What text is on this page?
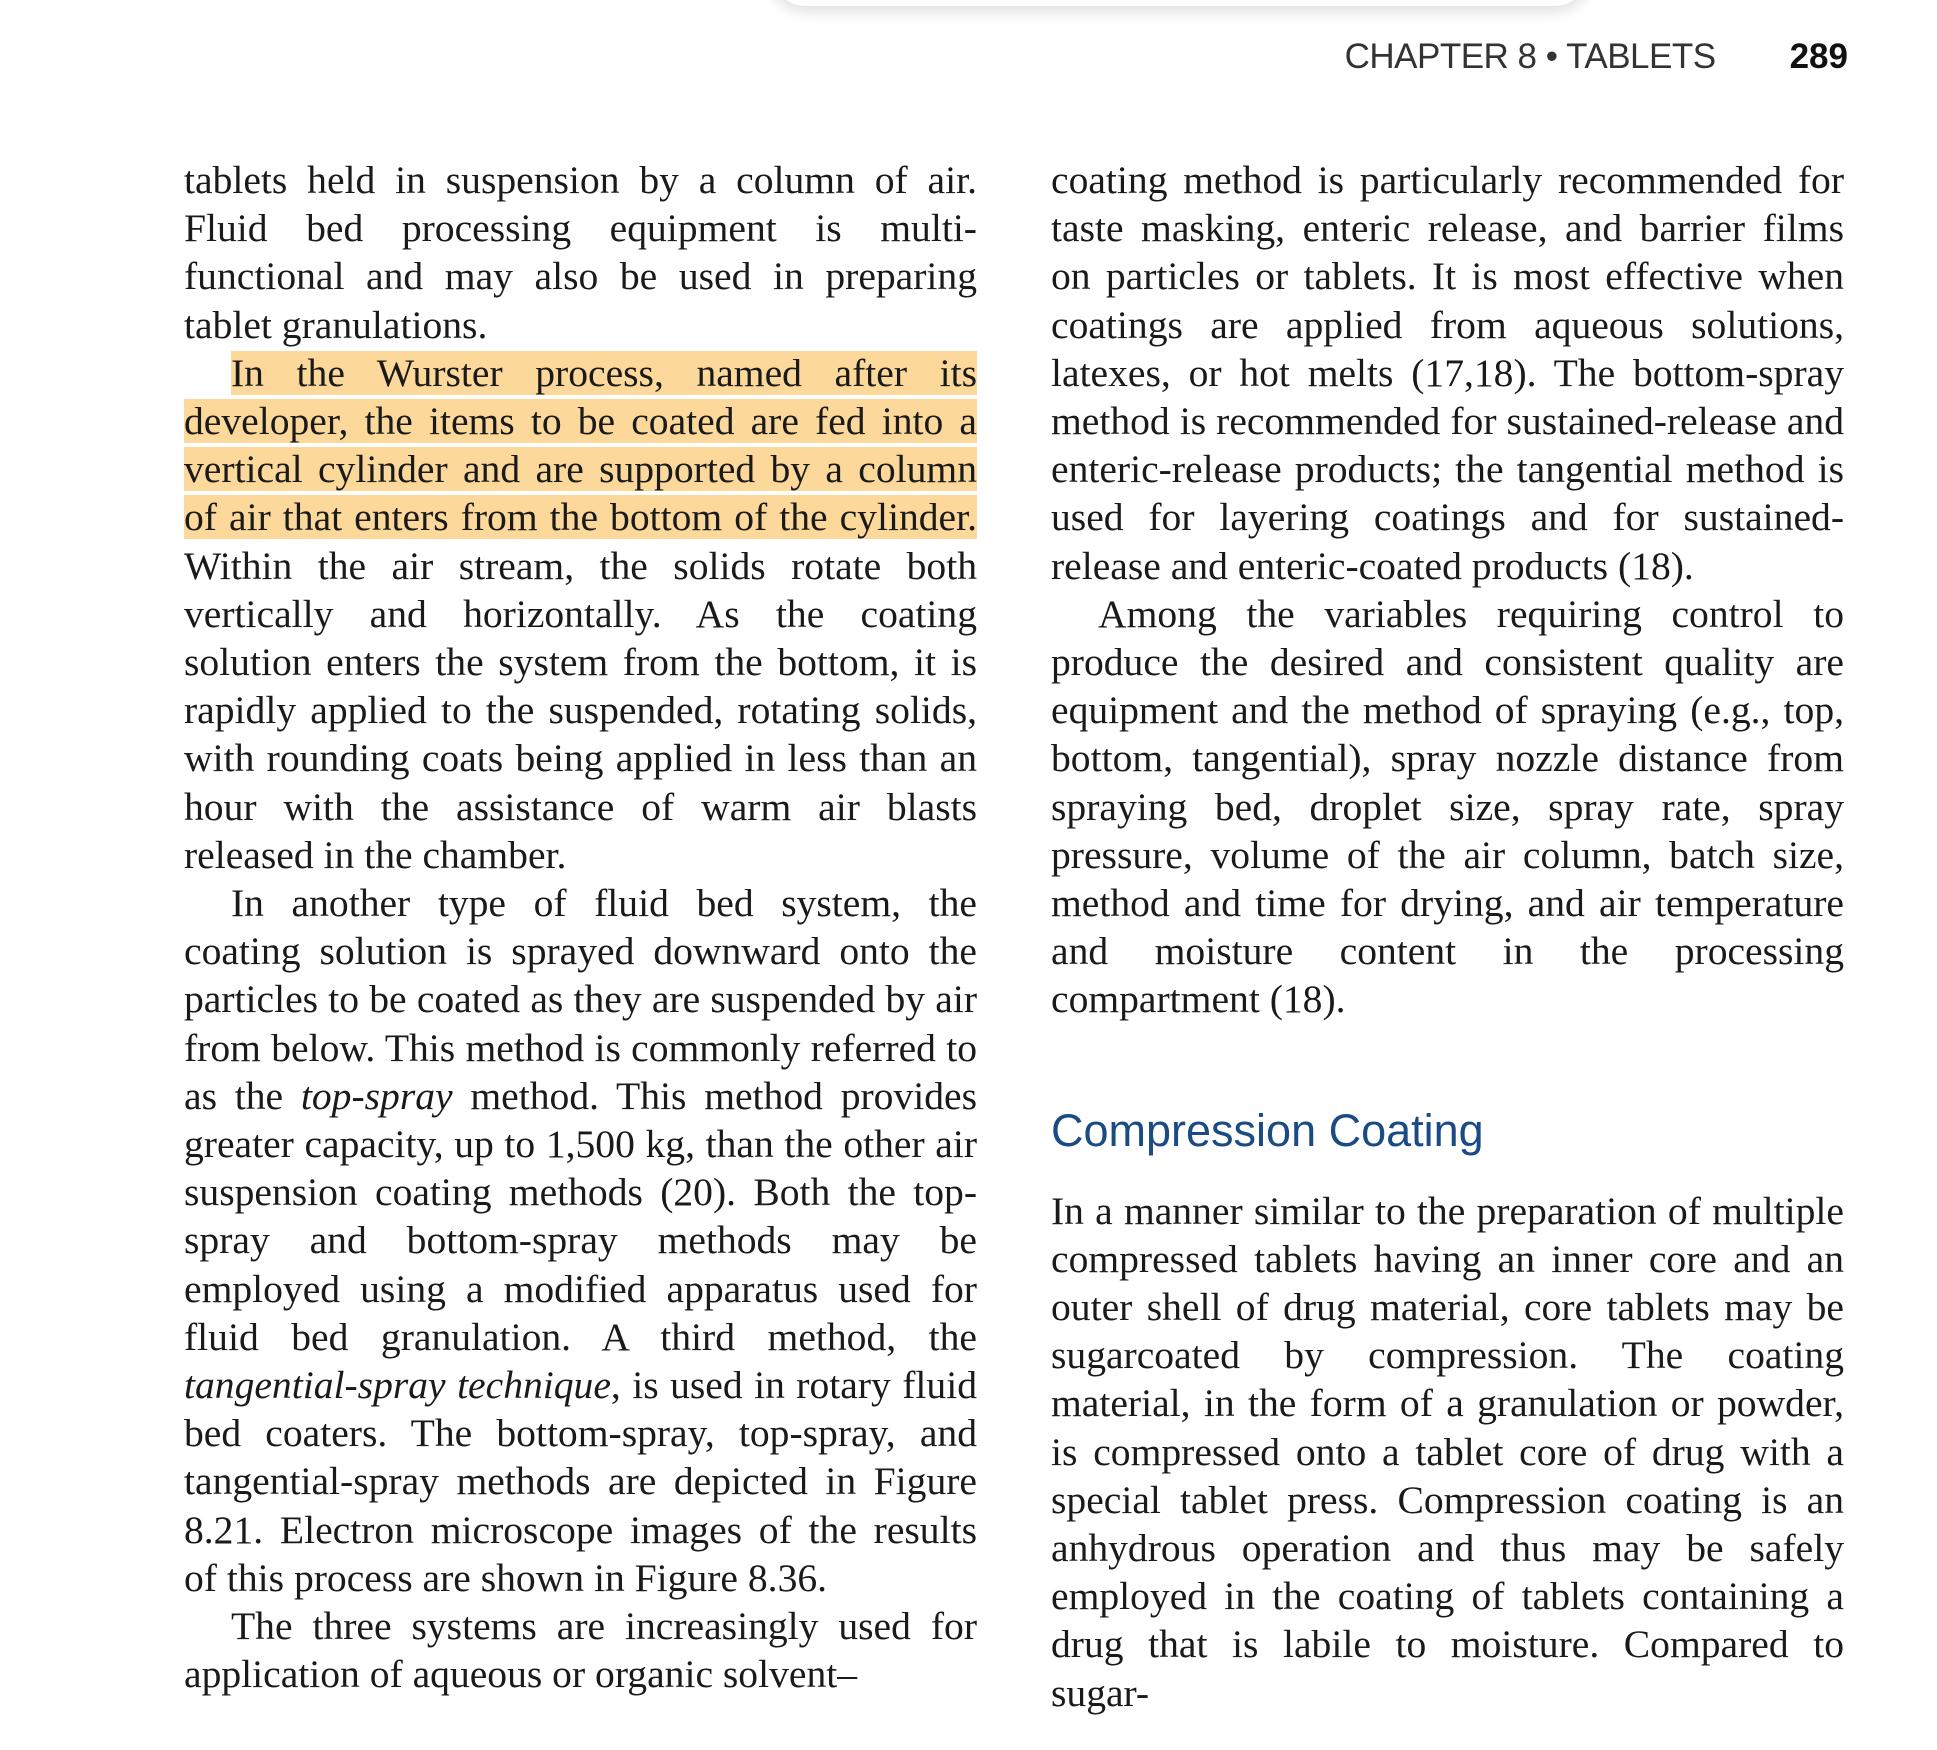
CHAPTER 8 • TABLETS 289

tablets held in suspension by a column of air. Fluid bed processing equipment is multi-functional and may also be used in preparing tablet granulations.

In the Wurster process, named after its developer, the items to be coated are fed into a vertical cylinder and are supported by a column of air that enters from the bottom of the cylinder. Within the air stream, the solids rotate both vertically and horizontally. As the coating solution enters the system from the bottom, it is rapidly applied to the suspended, rotating solids, with rounding coats being applied in less than an hour with the assistance of warm air blasts released in the chamber.

In another type of fluid bed system, the coating solution is sprayed downward onto the particles to be coated as they are suspended by air from below. This method is commonly referred to as the top-spray method. This method provides greater capacity, up to 1,500 kg, than the other air suspension coating methods (20). Both the top-spray and bottom-spray methods may be employed using a modified apparatus used for fluid bed granulation. A third method, the tangential-spray technique, is used in rotary fluid bed coaters. The bottom-spray, top-spray, and tangential-spray methods are depicted in Figure 8.21. Electron microscope images of the results of this process are shown in Figure 8.36.

The three systems are increasingly used for application of aqueous or organic solvent–

coating method is particularly recommended for taste masking, enteric release, and barrier films on particles or tablets. It is most effective when coatings are applied from aqueous solutions, latexes, or hot melts (17,18). The bottom-spray method is recommended for sustained-release and enteric-release products; the tangential method is used for layering coatings and for sustained-release and enteric-coated products (18).

Among the variables requiring control to produce the desired and consistent quality are equipment and the method of spraying (e.g., top, bottom, tangential), spray nozzle distance from spraying bed, droplet size, spray rate, spray pressure, volume of the air column, batch size, method and time for drying, and air temperature and moisture content in the processing compartment (18).

Compression Coating

In a manner similar to the preparation of multiple compressed tablets having an inner core and an outer shell of drug material, core tablets may be sugarcoated by compression. The coating material, in the form of a granulation or powder, is compressed onto a tablet core of drug with a special tablet press. Compression coating is an anhydrous operation and thus may be safely employed in the coating of tablets containing a drug that is labile to moisture. Compared to sugar-
